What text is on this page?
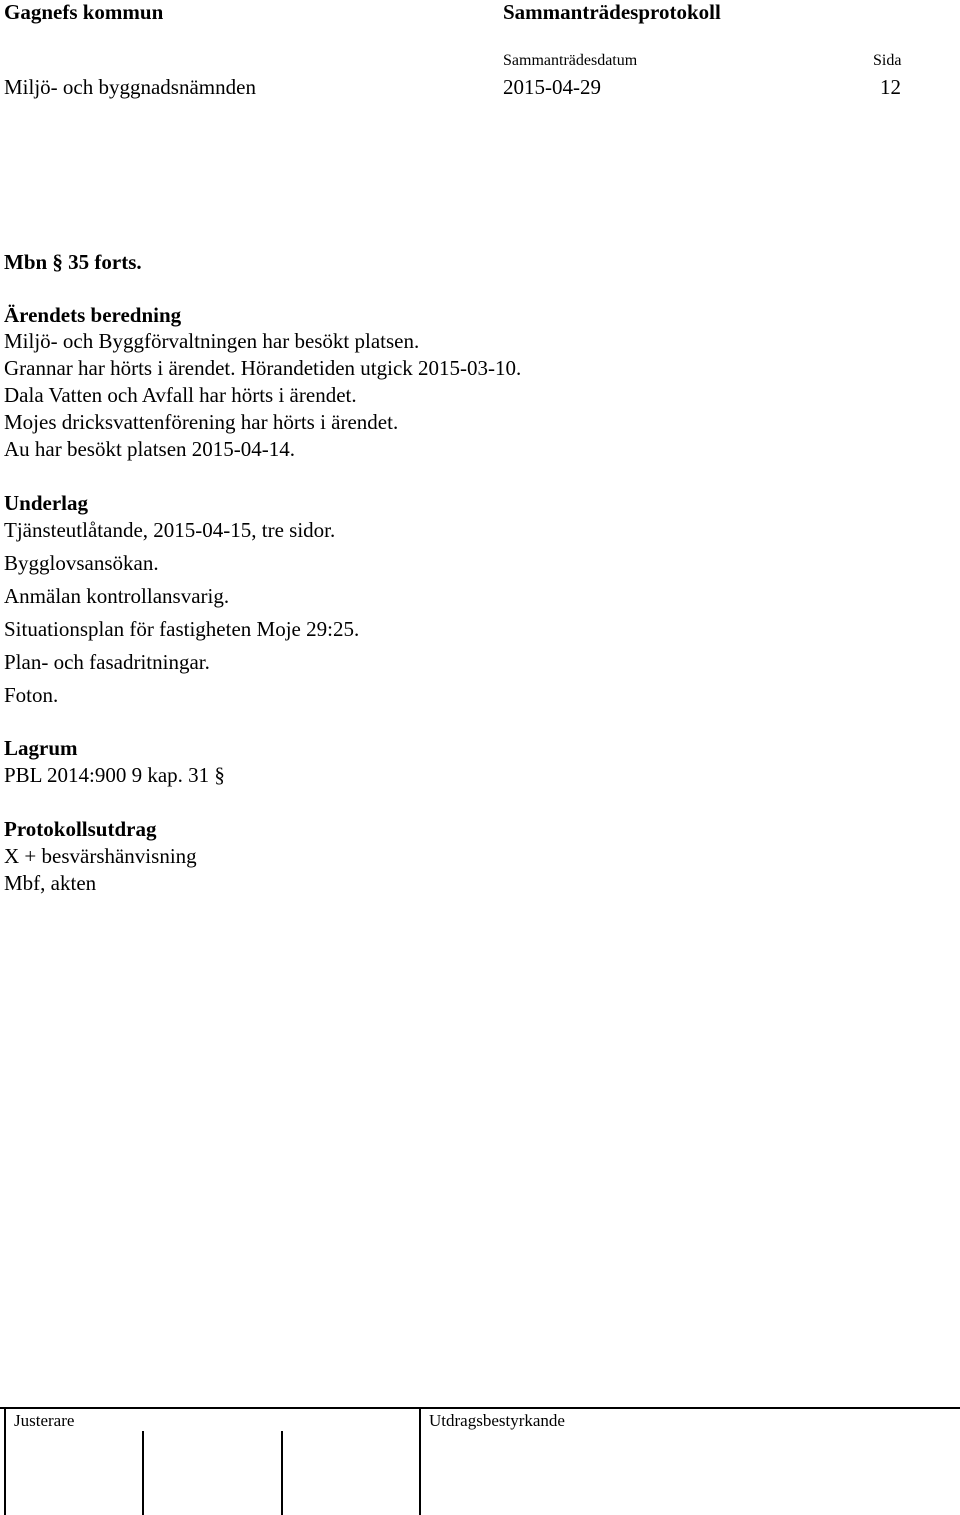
Gagnefs kommun	Sammanträdesprotokoll
Sammanträdesdatum	Sida
Miljö- och byggnadsnämnden	2015-04-29	12
Mbn § 35 forts.
Ärendets beredning
Miljö- och Byggförvaltningen har besökt platsen.
Grannar har hörts i ärendet. Hörandetiden utgick 2015-03-10.
Dala Vatten och Avfall har hörts i ärendet.
Mojes dricksvattenförening har hörts i ärendet.
Au har besökt platsen 2015-04-14.
Underlag
Tjänsteutlåtande, 2015-04-15, tre sidor.
Bygglovsansökan.
Anmälan kontrollansvarig.
Situationsplan för fastigheten Moje 29:25.
Plan- och fasadritningar.
Foton.
Lagrum
PBL 2014:900 9 kap. 31 §
Protokollsutdrag
X + besvärshänvisning
Mbf, akten
Justerare	Utdragsbestyrkande
